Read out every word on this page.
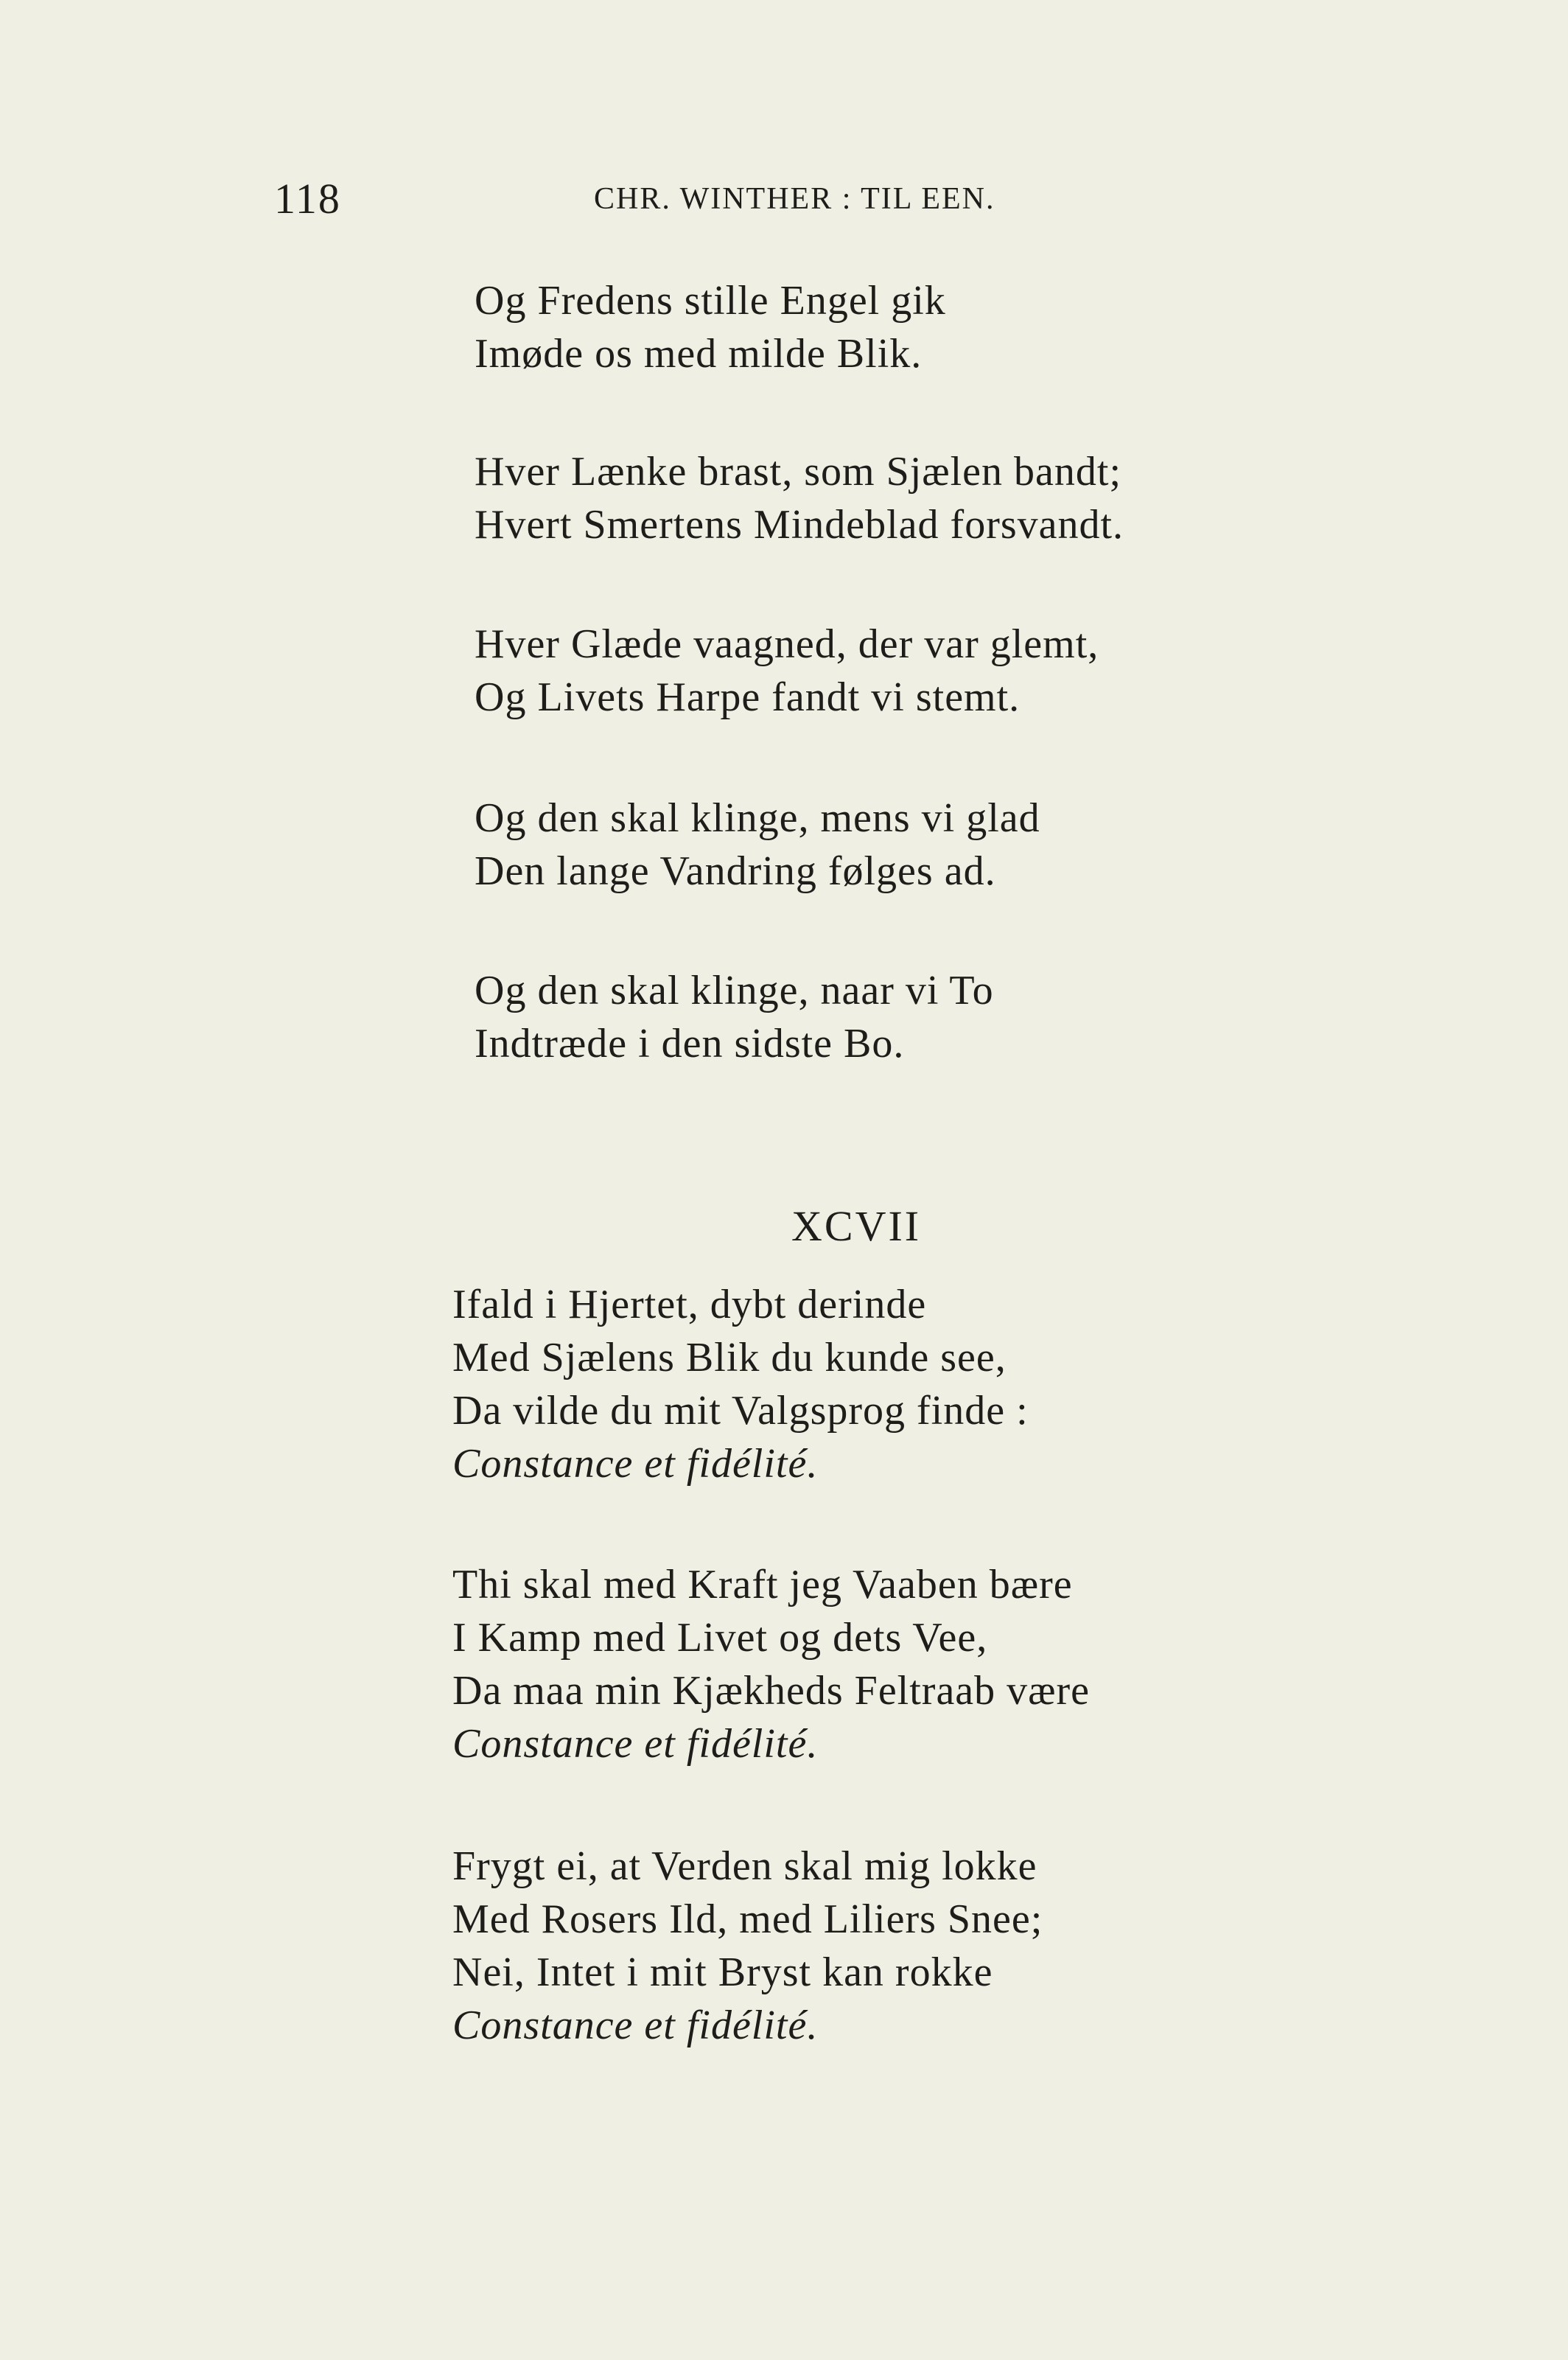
118	CHR. WINTHER : TIL EEN.
Og Fredens stille Engel gik
Imøde os med milde Blik.
Hver Lænke brast, som Sjælen bandt;
Hvert Smertens Mindeblad forsvandt.
Hver Glæde vaagned, der var glemt,
Og Livets Harpe fandt vi stemt.
Og den skal klinge, mens vi glad
Den lange Vandring følges ad.
Og den skal klinge, naar vi To
Indtræde i den sidste Bo.
XCVII
Ifald i Hjertet, dybt derinde
Med Sjælens Blik du kunde see,
Da vilde du mit Valgsprog finde :
Constance et fidélité.
Thi skal med Kraft jeg Vaaben bære
I Kamp med Livet og dets Vee,
Da maa min Kjækheds Feltraab være
Constance et fidélité.
Frygt ei, at Verden skal mig lokke
Med Rosers Ild, med Liliers Snee;
Nei, Intet i mit Bryst kan rokke
Constance et fidélité.
